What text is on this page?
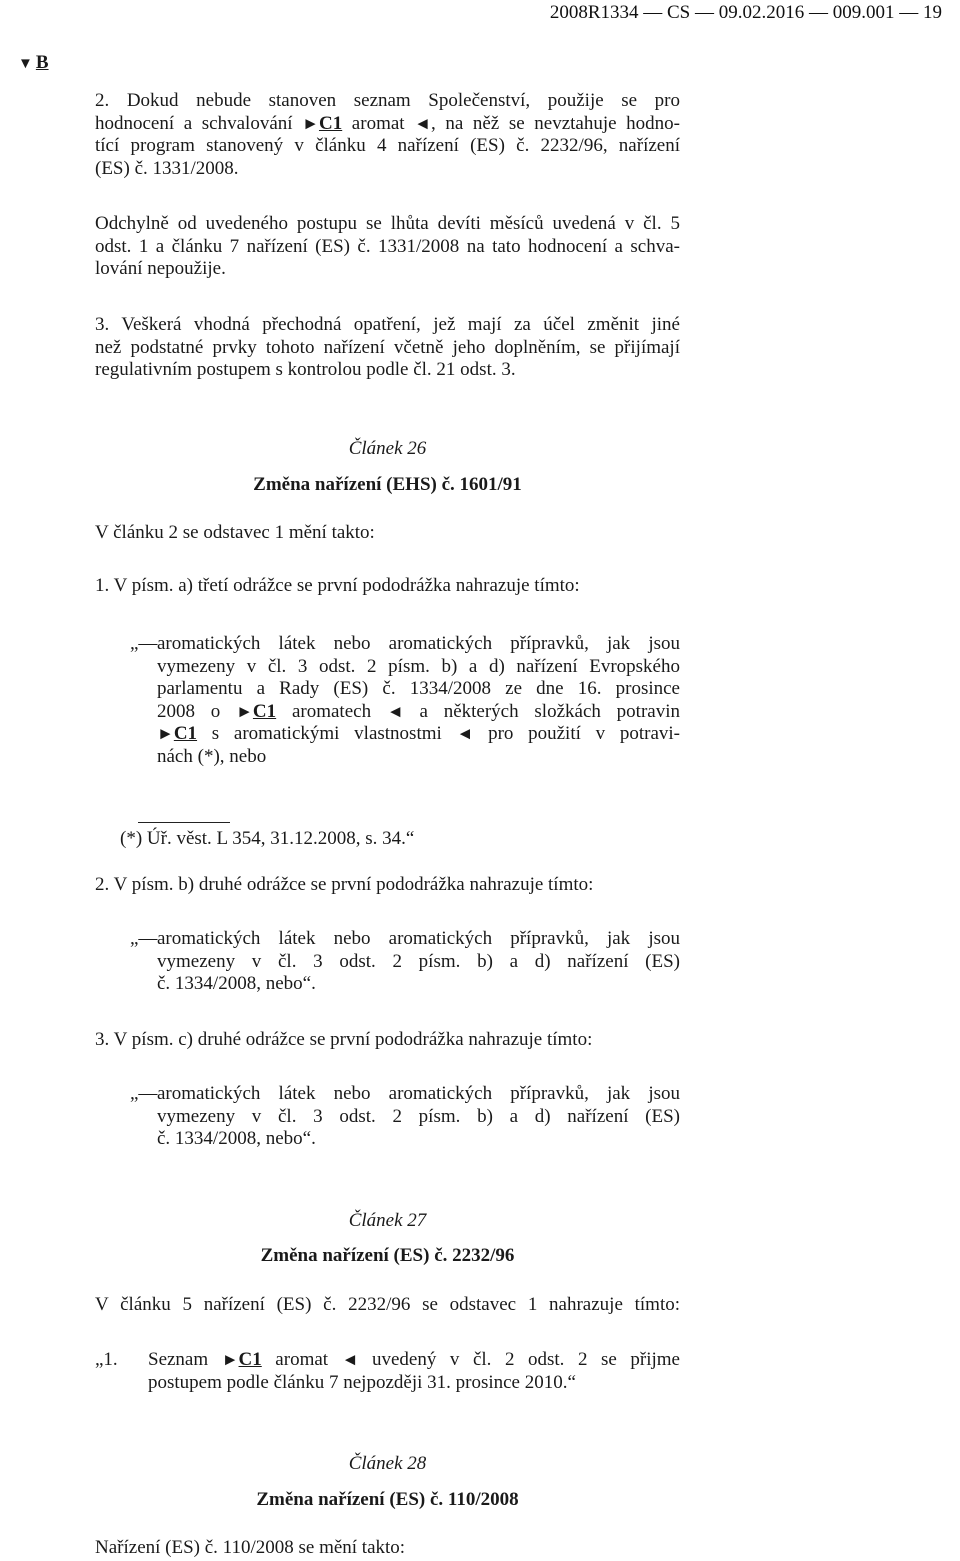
2008R1334 — CS — 09.02.2016 — 009.001 — 19
▼ B
2. Dokud nebude stanoven seznam Společenství, použije se pro
hodnocení a schvalování ►C1 aromat ◄, na něž se nevztahuje hodno-
tící program stanovený v článku 4 nařízení (ES) č. 2232/96, nařízení
(ES) č. 1331/2008.
Odchylně od uvedeného postupu se lhůta devíti měsíců uvedená v čl. 5
odst. 1 a článku 7 nařízení (ES) č. 1331/2008 na tato hodnocení a schva-
lování nepoužije.
3. Veškerá vhodná přechodná opatření, jež mají za účel změnit jiné
než podstatné prvky tohoto nařízení včetně jeho doplněním, se přijímají
regulativním postupem s kontrolou podle čl. 21 odst. 3.
Článek 26
Změna nařízení (EHS) č. 1601/91
V článku 2 se odstavec 1 mění takto:
1. V písm. a) třetí odrážce se první pododrážka nahrazuje tímto:
„— aromatických látek nebo aromatických přípravků, jak jsou
vymezeny v čl. 3 odst. 2 písm. b) a d) nařízení Evropského
parlamentu a Rady (ES) č. 1334/2008 ze dne 16. prosince
2008 o ►C1 aromatech ◄ a některých složkách potravin
►C1 s aromatickými vlastnostmi ◄ pro použití v potravi-
nách (*), nebo
(*) Úř. věst. L 354, 31.12.2008, s. 34.“
2. V písm. b) druhé odrážce se první pododrážka nahrazuje tímto:
„— aromatických látek nebo aromatických přípravků, jak jsou
vymezeny v čl. 3 odst. 2 písm. b) a d) nařízení (ES)
č. 1334/2008, nebo“.
3. V písm. c) druhé odrážce se první pododrážka nahrazuje tímto:
„— aromatických látek nebo aromatických přípravků, jak jsou
vymezeny v čl. 3 odst. 2 písm. b) a d) nařízení (ES)
č. 1334/2008, nebo“.
Článek 27
Změna nařízení (ES) č. 2232/96
V článku 5 nařízení (ES) č. 2232/96 se odstavec 1 nahrazuje tímto:
„1. Seznam ►C1 aromat ◄ uvedený v čl. 2 odst. 2 se přijme
postupem podle článku 7 nejpozději 31. prosince 2010.“
Článek 28
Změna nařízení (ES) č. 110/2008
Nařízení (ES) č. 110/2008 se mění takto:
